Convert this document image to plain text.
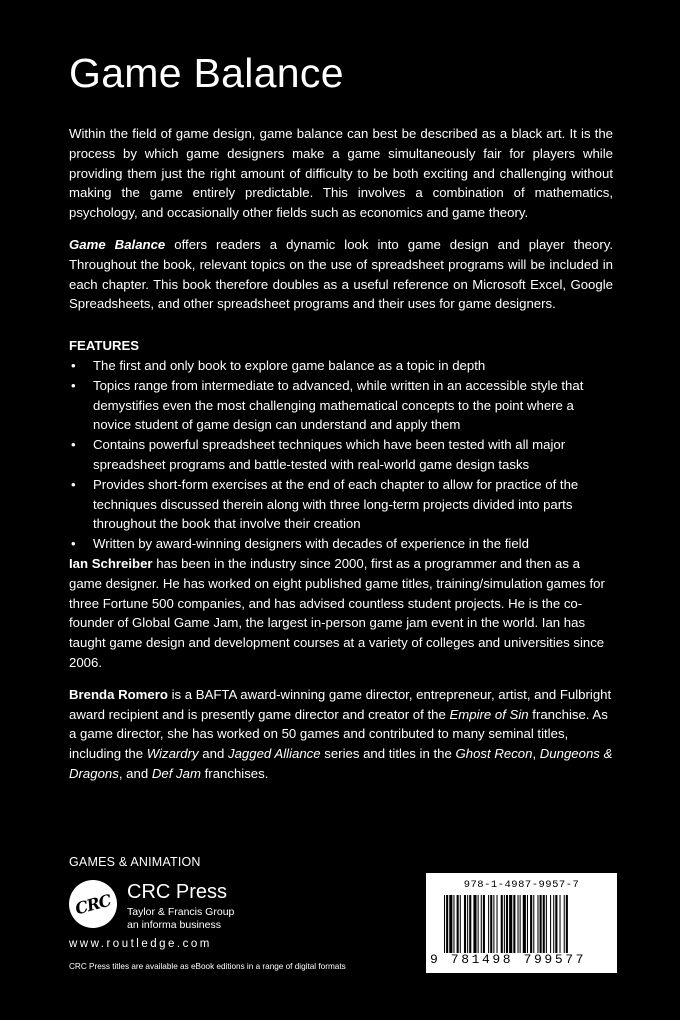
Game Balance

Within the field of game design, game balance can best be described as a black art. It is the process by which game designers make a game simultaneously fair for players while providing them just the right amount of difficulty to be both exciting and challenging without making the game entirely predictable. This involves a combination of mathematics, psychology, and occasionally other fields such as economics and game theory.

Game Balance offers readers a dynamic look into game design and player theory. Throughout the book, relevant topics on the use of spreadsheet programs will be included in each chapter. This book therefore doubles as a useful reference on Microsoft Excel, Google Spreadsheets, and other spreadsheet programs and their uses for game designers.

FEATURES
• The first and only book to explore game balance as a topic in depth
• Topics range from intermediate to advanced, while written in an accessible style that demystifies even the most challenging mathematical concepts to the point where a novice student of game design can understand and apply them
• Contains powerful spreadsheet techniques which have been tested with all major spreadsheet programs and battle-tested with real-world game design tasks
• Provides short-form exercises at the end of each chapter to allow for practice of the techniques discussed therein along with three long-term projects divided into parts throughout the book that involve their creation
• Written by award-winning designers with decades of experience in the field

Ian Schreiber has been in the industry since 2000, first as a programmer and then as a game designer. He has worked on eight published game titles, training/simulation games for three Fortune 500 companies, and has advised countless student projects. He is the co-founder of Global Game Jam, the largest in-person game jam event in the world. Ian has taught game design and development courses at a variety of colleges and universities since 2006.

Brenda Romero is a BAFTA award-winning game director, entrepreneur, artist, and Fulbright award recipient and is presently game director and creator of the Empire of Sin franchise. As a game director, she has worked on 50 games and contributed to many seminal titles, including the Wizardry and Jagged Alliance series and titles in the Ghost Recon, Dungeons & Dragons, and Def Jam franchises.

GAMES & ANIMATION
CRC CRC Press
Taylor & Francis Group
an informa business
www.routledge.com
CRC Press titles are available as eBook editions in a range of digital formats
978-1-4987-9957-7
9 781498 799577
